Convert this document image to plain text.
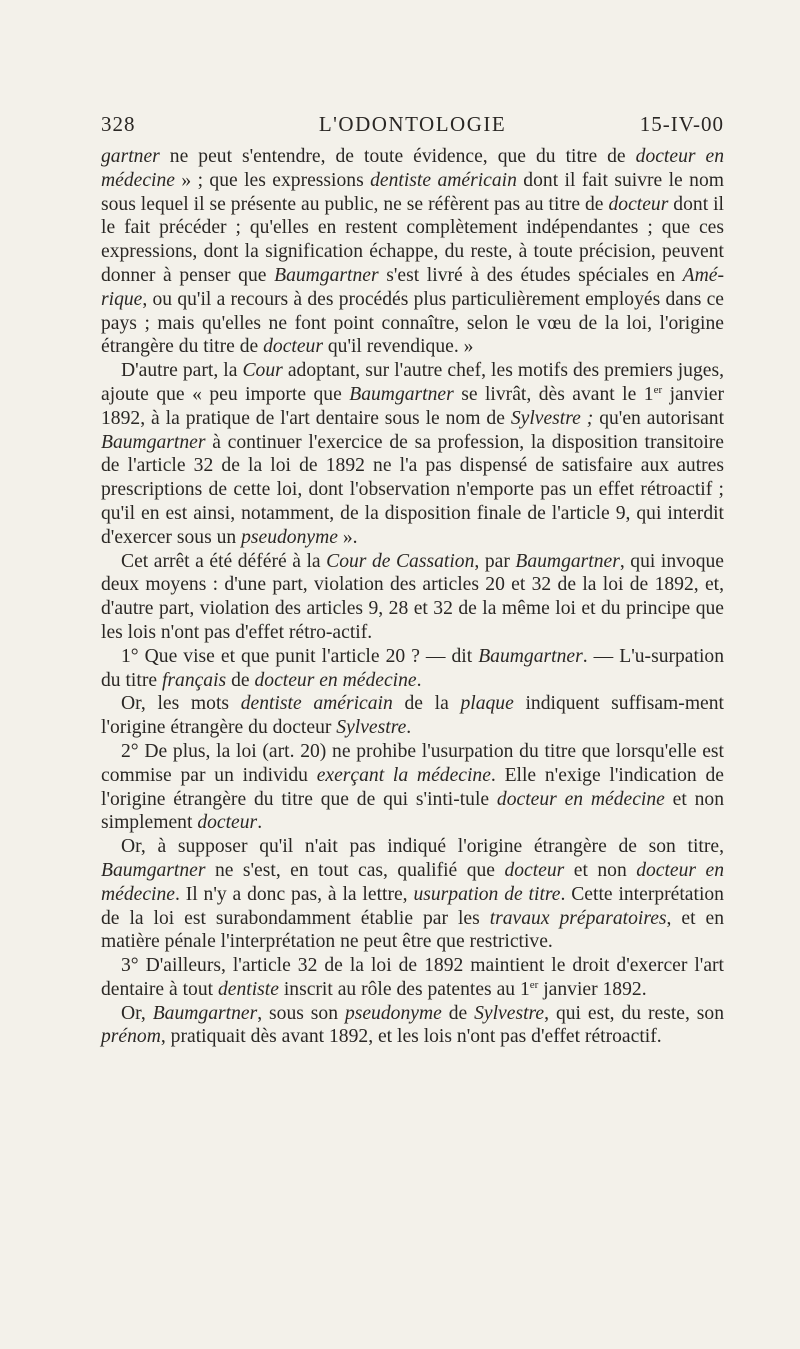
328	L'ODONTOLOGIE	15-IV-00

gartner ne peut s'entendre, de toute évidence, que du titre de docteur en médecine » ; que les expressions dentiste américain dont il fait suivre le nom sous lequel il se présente au public, ne se réfèrent pas au titre de docteur dont il le fait précéder ; qu'elles en restent complètement indépendantes ; que ces expressions, dont la signification échappe, du reste, à toute précision, peuvent donner à penser que Baumgartner s'est livré à des études spéciales en Amé-rique, ou qu'il a recours à des procédés plus particulièrement employés dans ce pays ; mais qu'elles ne font point connaître, selon le vœu de la loi, l'origine étrangère du titre de docteur qu'il revendique. »

D'autre part, la Cour adoptant, sur l'autre chef, les motifs des premiers juges, ajoute que « peu importe que Baumgartner se livrât, dès avant le 1er janvier 1892, à la pratique de l'art dentaire sous le nom de Sylvestre ; qu'en autorisant Baumgartner à continuer l'exercice de sa profession, la disposition transitoire de l'article 32 de la loi de 1892 ne l'a pas dispensé de satisfaire aux autres prescriptions de cette loi, dont l'observation n'emporte pas un effet rétroactif ; qu'il en est ainsi, notamment, de la disposition finale de l'article 9, qui interdit d'exercer sous un pseudonyme ».

Cet arrêt a été déféré à la Cour de Cassation, par Baumgartner, qui invoque deux moyens : d'une part, violation des articles 20 et 32 de la loi de 1892, et, d'autre part, violation des articles 9, 28 et 32 de la même loi et du principe que les lois n'ont pas d'effet rétro-actif.

1° Que vise et que punit l'article 20 ? — dit Baumgartner. — L'u-surpation du titre français de docteur en médecine.

Or, les mots dentiste américain de la plaque indiquent suffisam-ment l'origine étrangère du docteur Sylvestre.

2° De plus, la loi (art. 20) ne prohibe l'usurpation du titre que lorsqu'elle est commise par un individu exerçant la médecine. Elle n'exige l'indication de l'origine étrangère du titre que de qui s'inti-tule docteur en médecine et non simplement docteur.

Or, à supposer qu'il n'ait pas indiqué l'origine étrangère de son titre, Baumgartner ne s'est, en tout cas, qualifié que docteur et non docteur en médecine. Il n'y a donc pas, à la lettre, usurpation de titre. Cette interprétation de la loi est surabondamment établie par les travaux préparatoires, et en matière pénale l'interprétation ne peut être que restrictive.

3° D'ailleurs, l'article 32 de la loi de 1892 maintient le droit d'exercer l'art dentaire à tout dentiste inscrit au rôle des patentes au 1er janvier 1892.

Or, Baumgartner, sous son pseudonyme de Sylvestre, qui est, du reste, son prénom, pratiquait dès avant 1892, et les lois n'ont pas d'effet rétroactif.
